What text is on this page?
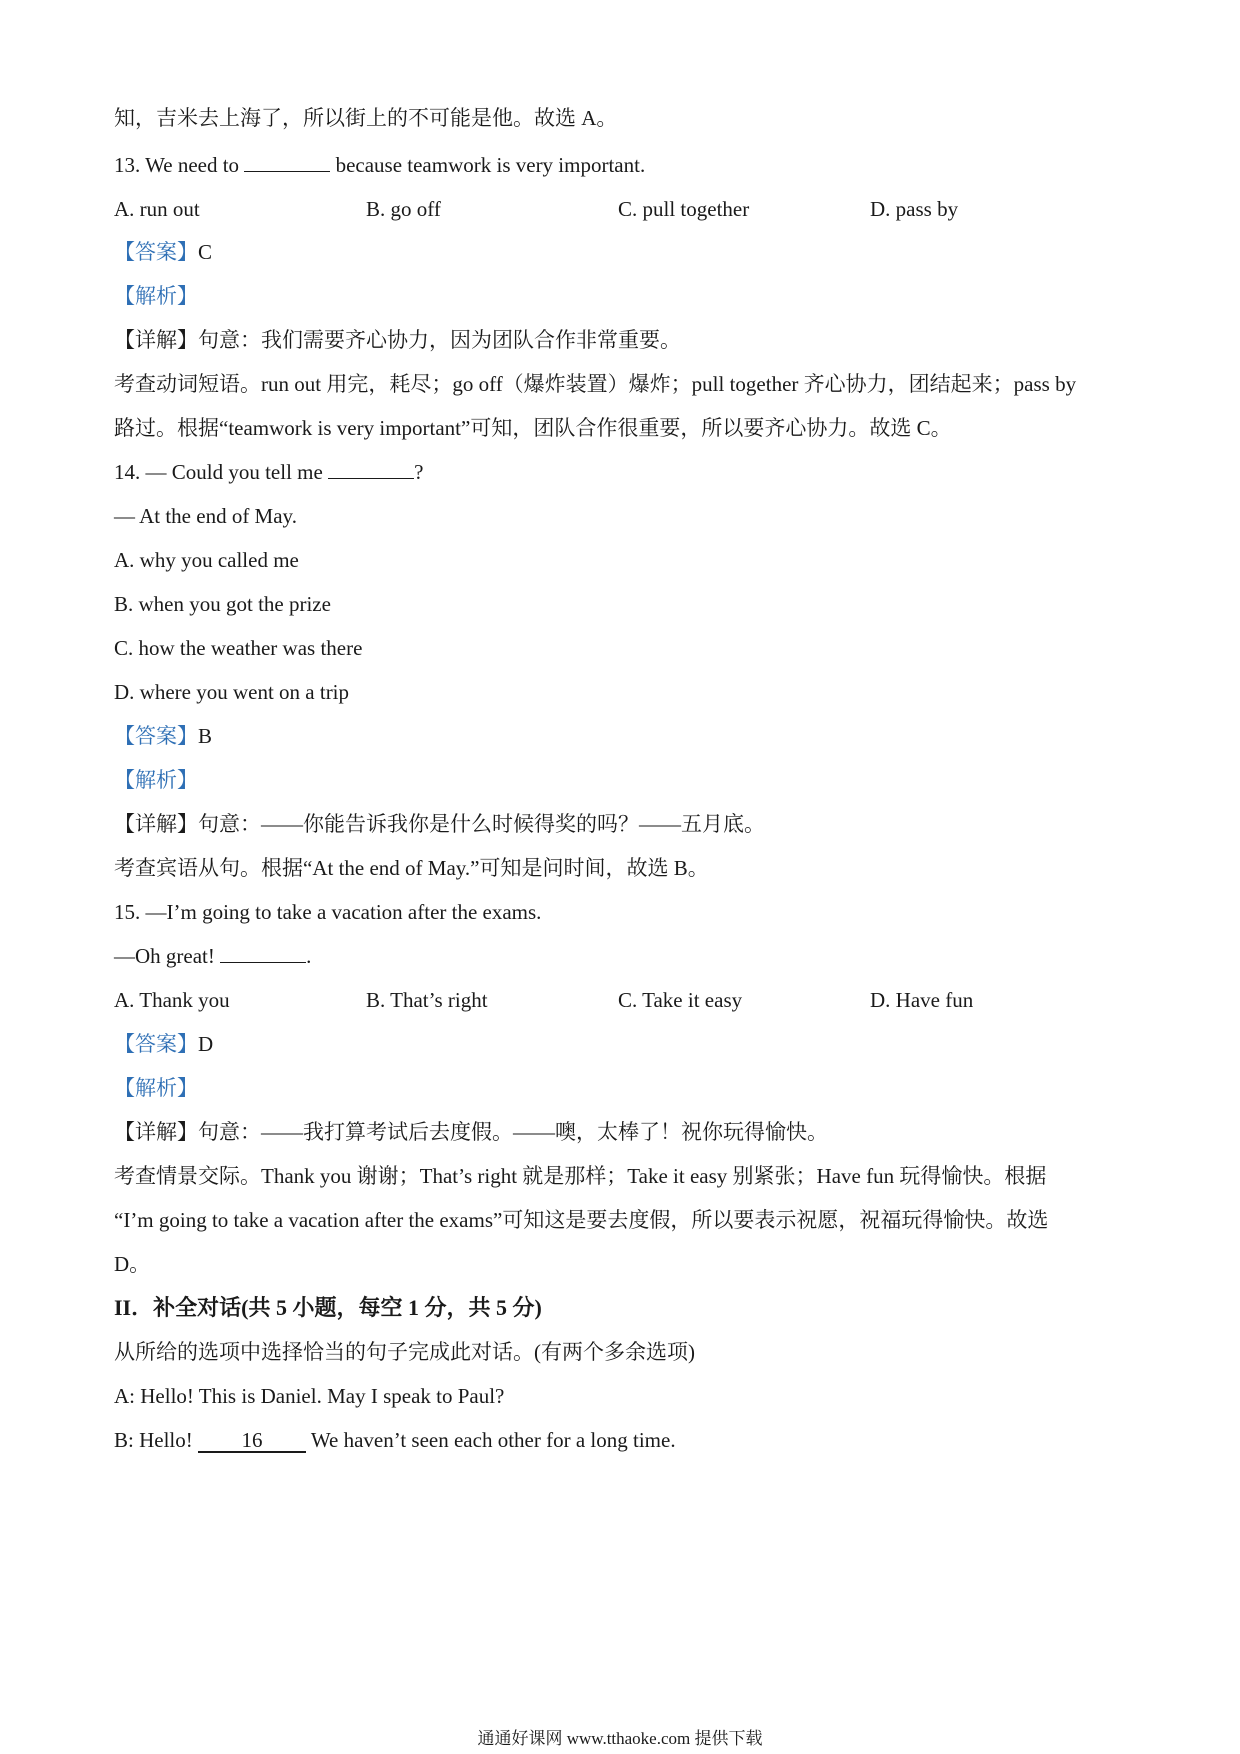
知，吉米去上海了，所以街上的不可能是他。故选 A。
13. We need to	because teamwork is very important.
A. run out	B. go off	C. pull together	D. pass by
【答案】C
【解析】
【详解】句意：我们需要齐心协力，因为团队合作非常重要。
考查动词短语。run out 用完，耗尽；go off（爆炸装置）爆炸；pull together 齐心协力，团结起来；pass by
路过。根据“teamwork is very important”可知，团队合作很重要，所以要齐心协力。故选 C。
14. — Could you tell me	?
— At the end of May.
A. why you called me
B. when you got the prize
C. how the weather was there
D. where you went on a trip
【答案】B
【解析】
【详解】句意：——你能告诉我你是什么时候得奖的吗？——五月底。
考查宾语从句。根据“At the end of May.”可知是问时间，故选 B。
15. —I’m going to take a vacation after the exams.
—Oh great!	.
A. Thank you	B. That’s right	C. Take it easy	D. Have fun
【答案】D
【解析】
【详解】句意：——我打算考试后去度假。——噢，太棒了！祝你玩得愉快。
考查情景交际。Thank you 谢谢；That’s right 就是那样；Take it easy 别紧张；Have fun 玩得愉快。根据
“I’m going to take a vacation after the exams”可知这是要去度假，所以要表示祝愿，祝福玩得愉快。故选
D。
II．补全对话(共 5 小题，每空 1 分，共 5 分)
从所给的选项中选择恰当的句子完成此对话。(有两个多余选项)
A: Hello! This is Daniel. May I speak to Paul?
B: Hello! 16 We haven’t seen each other for a long time.
通通好课网 www.tthaoke.com 提供下载
